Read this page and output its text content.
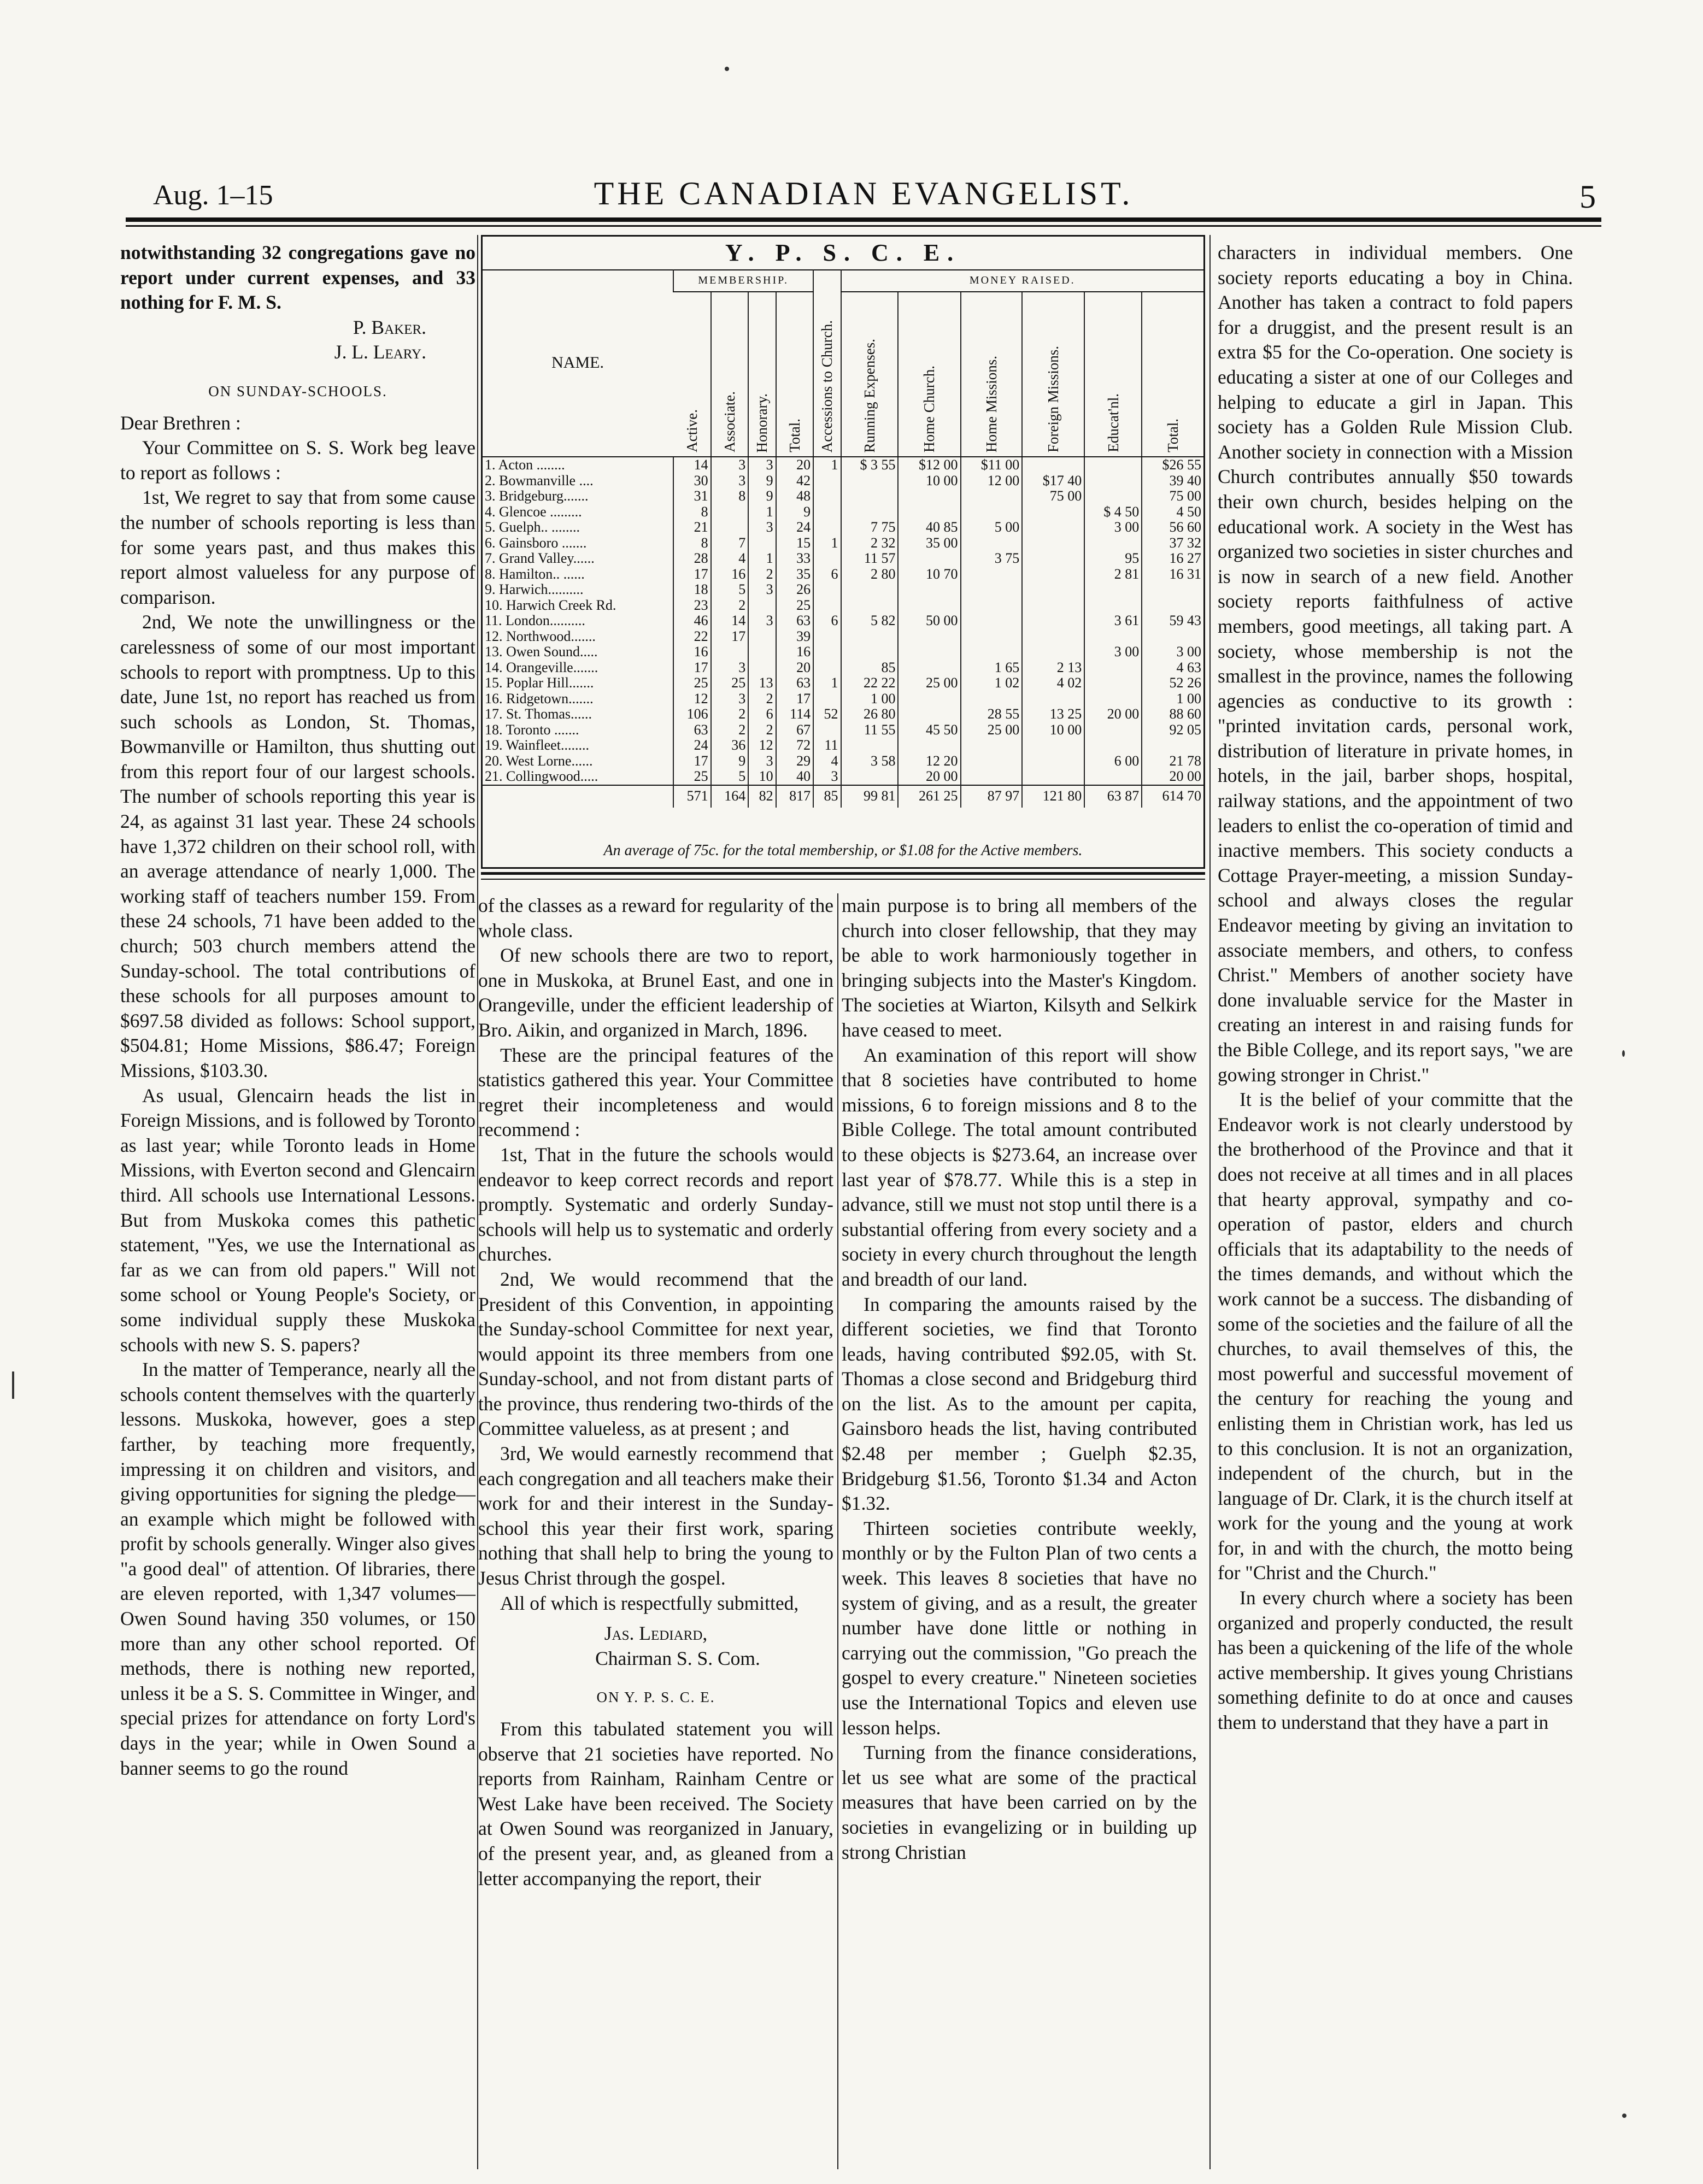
Aug. 1–15	THE CANADIAN EVANGELIST.	5

notwithstanding 32 congregations gave no report under current expenses, and 33 nothing for F. M. S.

P. Baker.

J. L. Leary.

ON SUNDAY-SCHOOLS.

Dear Brethren :

Your Committee on S. S. Work beg leave to report as follows :

1st, We regret to say that from some cause the number of schools reporting is less than for some years past, and thus makes this report almost valueless for any purpose of comparison.

2nd, We note the unwillingness or the carelessness of some of our most important schools to report with promptness. Up to this date, June 1st, no report has reached us from such schools as London, St. Thomas, Bowmanville or Hamilton, thus shutting out from this report four of our largest schools. The number of schools reporting this year is 24, as against 31 last year. These 24 schools have 1,372 children on their school roll, with an average attendance of nearly 1,000. The working staff of teachers number 159. From these 24 schools, 71 have been added to the church; 503 church members attend the Sunday-school. The total contributions of these schools for all purposes amount to $697.58 divided as follows: School support, $504.81; Home Missions, $86.47; Foreign Missions, $103.30.

As usual, Glencairn heads the list in Foreign Missions, and is followed by Toronto as last year; while Toronto leads in Home Missions, with Everton second and Glencairn third. All schools use International Lessons. But from Muskoka comes this pathetic statement, "Yes, we use the International as far as we can from old papers." Will not some school or Young People's Society, or some individual supply these Muskoka schools with new S. S. papers?

In the matter of Temperance, nearly all the schools content themselves with the quarterly lessons. Muskoka, however, goes a step farther, by teaching more frequently, impressing it on children and visitors, and giving opportunities for signing the pledge—an example which might be followed with profit by schools generally. Winger also gives "a good deal" of attention. Of libraries, there are eleven reported, with 1,347 volumes—Owen Sound having 350 volumes, or 150 more than any other school reported. Of methods, there is nothing new reported, unless it be a S. S. Committee in Winger, and special prizes for attendance on forty Lord's days in the year; while in Owen Sound a banner seems to go the round

Y. P. S. C. E.
NAME.	MEMBERSHIP.				Accessions to Church.	MONEY RAISED.					
	Active.	Associate.	Honorary.	Total.		Running Expenses.	Home Church.	Home Missions.	Foreign Missions.	Educat'nl.	Total.
1. Acton ........	14	3	3	20	1	$ 3 55	$12 00	$11 00			$26 55
2. Bowmanville ....	30	3	9	42			10 00	12 00	$17 40		39 40
3. Bridgeburg.......	31	8	9	48					75 00		75 00
4. Glencoe .........	8		1	9						$ 4 50	4 50
5. Guelph.. ........	21		3	24		7 75	40 85	5 00		3 00	56 60
6. Gainsboro .......	8	7		15	1	2 32	35 00				37 32
7. Grand Valley......	28	4	1	33		11 57		3 75		95	16 27
8. Hamilton.. ......	17	16	2	35	6	2 80	10 70			2 81	16 31
9. Harwich..........	18	5	3	26							
10. Harwich Creek Rd.	23	2		25							
11. London..........	46	14	3	63	6	5 82	50 00			3 61	59 43
12. Northwood.......	22	17		39							
13. Owen Sound.....	16			16						3 00	3 00
14. Orangeville.......	17	3		20		85		1 65	2 13		4 63
15. Poplar Hill.......	25	25	13	63	1	22 22	25 00	1 02	4 02		52 26
16. Ridgetown.......	12	3	2	17		1 00					1 00
17. St. Thomas......	106	2	6	114	52	26 80		28 55	13 25	20 00	88 60
18. Toronto .......	63	2	2	67		11 55	45 50	25 00	10 00		92 05
19. Wainfleet........	24	36	12	72	11						
20. West Lorne......	17	9	3	29	4	3 58	12 20			6 00	21 78
21. Collingwood.....	25	5	10	40	3		20 00				20 00
	571	164	82	817	85	99 81	261 25	87 97	121 80	63 87	614 70
An average of 75c. for the total membership, or $1.08 for the Active members.

of the classes as a reward for regularity of the whole class.

Of new schools there are two to report, one in Muskoka, at Brunel East, and one in Orangeville, under the efficient leadership of Bro. Aikin, and organized in March, 1896.

These are the principal features of the statistics gathered this year. Your Committee regret their incompleteness and would recommend :

1st, That in the future the schools would endeavor to keep correct records and report promptly. Systematic and orderly Sunday-schools will help us to systematic and orderly churches.

2nd, We would recommend that the President of this Convention, in appointing the Sunday-school Committee for next year, would appoint its three members from one Sunday-school, and not from distant parts of the province, thus rendering two-thirds of the Committee valueless, as at present ; and

3rd, We would earnestly recommend that each congregation and all teachers make their work for and their interest in the Sunday-school this year their first work, sparing nothing that shall help to bring the young to Jesus Christ through the gospel.

All of which is respectfully submitted,

Jas. Lediard,

Chairman S. S. Com.

ON Y. P. S. C. E.

From this tabulated statement you will observe that 21 societies have reported. No reports from Rainham, Rainham Centre or West Lake have been received. The Society at Owen Sound was reorganized in January, of the present year, and, as gleaned from a letter accompanying the report, their

main purpose is to bring all members of the church into closer fellowship, that they may be able to work harmoniously together in bringing subjects into the Master's Kingdom. The societies at Wiarton, Kilsyth and Selkirk have ceased to meet.

An examination of this report will show that 8 societies have contributed to home missions, 6 to foreign missions and 8 to the Bible College. The total amount contributed to these objects is $273.64, an increase over last year of $78.77. While this is a step in advance, still we must not stop until there is a substantial offering from every society and a society in every church throughout the length and breadth of our land.

In comparing the amounts raised by the different societies, we find that Toronto leads, having contributed $92.05, with St. Thomas a close second and Bridgeburg third on the list. As to the amount per capita, Gainsboro heads the list, having contributed $2.48 per member ; Guelph $2.35, Bridgeburg $1.56, Toronto $1.34 and Acton $1.32.

Thirteen societies contribute weekly, monthly or by the Fulton Plan of two cents a week. This leaves 8 societies that have no system of giving, and as a result, the greater number have done little or nothing in carrying out the commission, "Go preach the gospel to every creature." Nineteen societies use the International Topics and eleven use lesson helps.

Turning from the finance considerations, let us see what are some of the practical measures that have been carried on by the societies in evangelizing or in building up strong Christian

characters in individual members. One society reports educating a boy in China. Another has taken a contract to fold papers for a druggist, and the present result is an extra $5 for the Co-operation. One society is educating a sister at one of our Colleges and helping to educate a girl in Japan. This society has a Golden Rule Mission Club. Another society in connection with a Mission Church contributes annually $50 towards their own church, besides helping on the educational work. A society in the West has organized two societies in sister churches and is now in search of a new field. Another society reports faithfulness of active members, good meetings, all taking part. A society, whose membership is not the smallest in the province, names the following agencies as conductive to its growth : "printed invitation cards, personal work, distribution of literature in private homes, in hotels, in the jail, barber shops, hospital, railway stations, and the appointment of two leaders to enlist the co-operation of timid and inactive members. This society conducts a Cottage Prayer-meeting, a mission Sunday-school and always closes the regular Endeavor meeting by giving an invitation to associate members, and others, to confess Christ." Members of another society have done invaluable service for the Master in creating an interest in and raising funds for the Bible College, and its report says, "we are gowing stronger in Christ."

It is the belief of your committe that the Endeavor work is not clearly understood by the brotherhood of the Province and that it does not receive at all times and in all places that hearty approval, sympathy and co-operation of pastor, elders and church officials that its adaptability to the needs of the times demands, and without which the work cannot be a success. The disbanding of some of the societies and the failure of all the churches, to avail themselves of this, the most powerful and successful movement of the century for reaching the young and enlisting them in Christian work, has led us to this conclusion. It is not an organization, independent of the church, but in the language of Dr. Clark, it is the church itself at work for the young and the young at work for, in and with the church, the motto being for "Christ and the Church."

In every church where a society has been organized and properly conducted, the result has been a quickening of the life of the whole active membership. It gives young Christians something definite to do at once and causes them to understand that they have a part in
